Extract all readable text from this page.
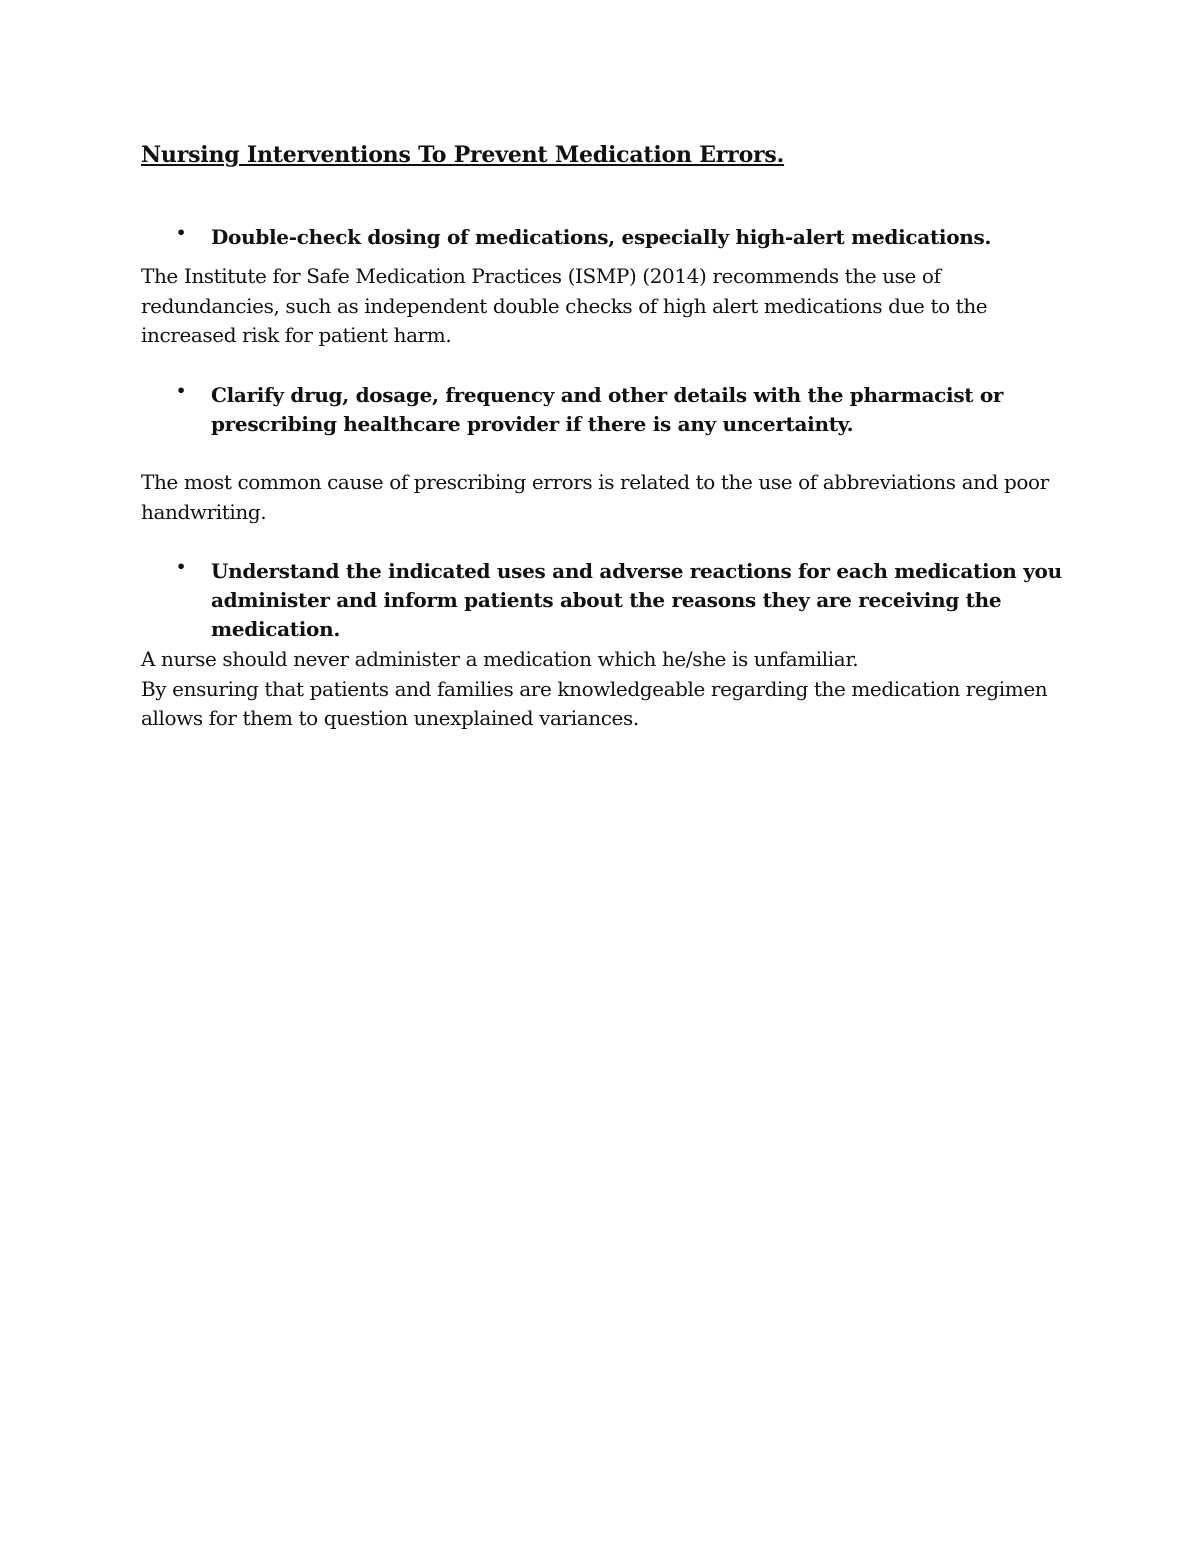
Nursing Interventions To Prevent Medication Errors.
• Double-check dosing of medications, especially high-alert medications.

The Institute for Safe Medication Practices (ISMP) (2014) recommends the use of redundancies, such as independent double checks of high alert medications due to the increased risk for patient harm.

• Clarify drug, dosage, frequency and other details with the pharmacist or prescribing healthcare provider if there is any uncertainty.

The most common cause of prescribing errors is related to the use of abbreviations and poor handwriting.

• Understand the indicated uses and adverse reactions for each medication you administer and inform patients about the reasons they are receiving the medication.
A nurse should never administer a medication which he/she is unfamiliar.
By ensuring that patients and families are knowledgeable regarding the medication regimen allows for them to question unexplained variances.
